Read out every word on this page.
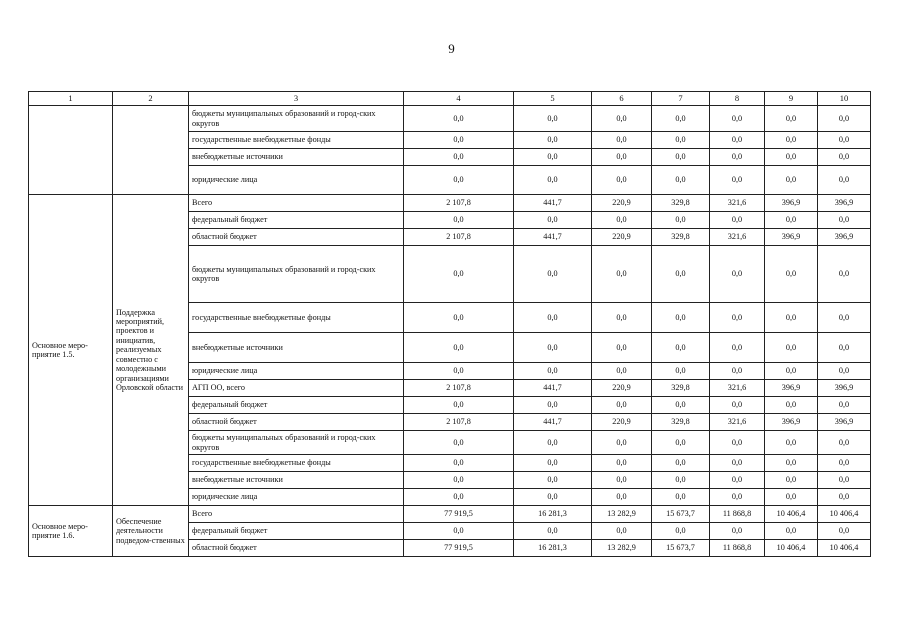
9
1	2	3	4	5	6	7	8	9	10
		бюджеты муниципальных образований и город-ских округов	0,0	0,0	0,0	0,0	0,0	0,0	0,0
		государственные внебюджетные фонды	0,0	0,0	0,0	0,0	0,0	0,0	0,0
		внебюджетные источники	0,0	0,0	0,0	0,0	0,0	0,0	0,0
		юридические лица	0,0	0,0	0,0	0,0	0,0	0,0	0,0
Основное меро-приятие 1.5.	Поддержка мероприятий, проектов и инициатив, реализуемых совместно с молодежными организациями Орловской области	Всего	2 107,8	441,7	220,9	329,8	321,6	396,9	396,9
		федеральный бюджет	0,0	0,0	0,0	0,0	0,0	0,0	0,0
		областной бюджет	2 107,8	441,7	220,9	329,8	321,6	396,9	396,9
		бюджеты муниципальных образований и город-ских округов	0,0	0,0	0,0	0,0	0,0	0,0	0,0
		государственные внебюджетные фонды	0,0	0,0	0,0	0,0	0,0	0,0	0,0
		внебюджетные источники	0,0	0,0	0,0	0,0	0,0	0,0	0,0
		юридические лица	0,0	0,0	0,0	0,0	0,0	0,0	0,0
		АГП ОО, всего	2 107,8	441,7	220,9	329,8	321,6	396,9	396,9
		федеральный бюджет	0,0	0,0	0,0	0,0	0,0	0,0	0,0
		областной бюджет	2 107,8	441,7	220,9	329,8	321,6	396,9	396,9
		бюджеты муниципальных образований и город-ских округов	0,0	0,0	0,0	0,0	0,0	0,0	0,0
		государственные внебюджетные фонды	0,0	0,0	0,0	0,0	0,0	0,0	0,0
		внебюджетные источники	0,0	0,0	0,0	0,0	0,0	0,0	0,0
		юридические лица	0,0	0,0	0,0	0,0	0,0	0,0	0,0
Основное меро-приятие 1.6.	Обеспечение деятельности подведом-ственных	Всего	77 919,5	16 281,3	13 282,9	15 673,7	11 868,8	10 406,4	10 406,4
		федеральный бюджет	0,0	0,0	0,0	0,0	0,0	0,0	0,0
		областной бюджет	77 919,5	16 281,3	13 282,9	15 673,7	11 868,8	10 406,4	10 406,4
